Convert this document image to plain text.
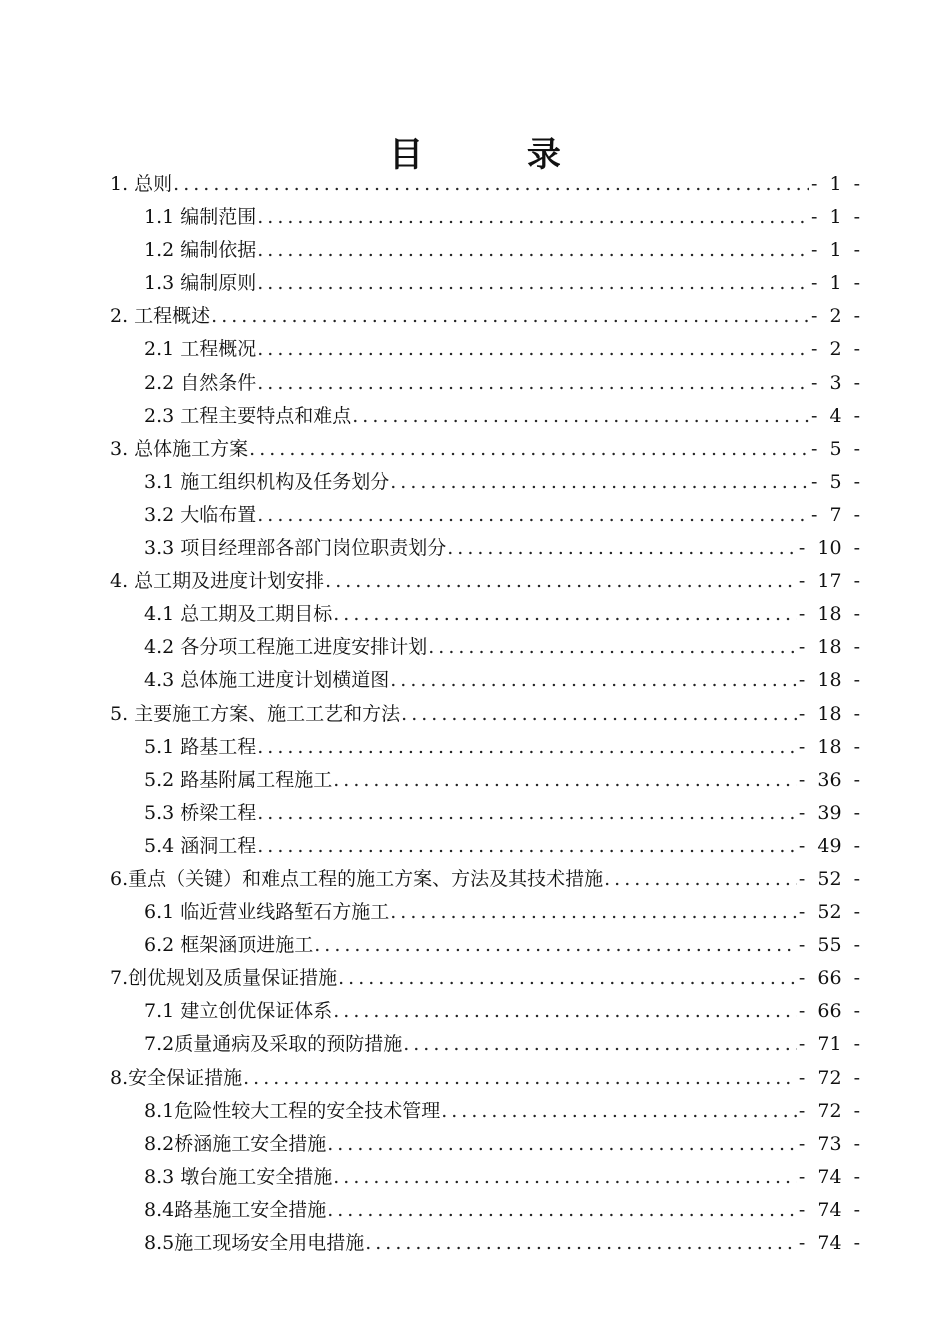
目 录
1. 总则 .....	- 1 -
1.1 编制范围 .....	- 1 -
1.2 编制依据 .....	- 1 -
1.3 编制原则 .....	- 1 -
2. 工程概述 .....	- 2 -
2.1 工程概况 .....	- 2 -
2.2 自然条件 .....	- 3 -
2.3 工程主要特点和难点 .....	- 4 -
3. 总体施工方案 .....	- 5 -
3.1 施工组织机构及任务划分 .....	- 5 -
3.2 大临布置 .....	- 7 -
3.3 项目经理部各部门岗位职责划分 .....	- 10 -
4. 总工期及进度计划安排 .....	- 17 -
4.1 总工期及工期目标 .....	- 18 -
4.2 各分项工程施工进度安排计划 .....	- 18 -
4.3 总体施工进度计划横道图 .....	- 18 -
5. 主要施工方案、施工工艺和方法 .....	- 18 -
5.1 路基工程 .....	- 18 -
5.2 路基附属工程施工 .....	- 36 -
5.3 桥梁工程 .....	- 39 -
5.4 涵洞工程 .....	- 49 -
6.重点（关键）和难点工程的施工方案、方法及其技术措施 .....	- 52 -
6.1 临近营业线路堑石方施工 .....	- 52 -
6.2 框架涵顶进施工 .....	- 55 -
7.创优规划及质量保证措施 .....	- 66 -
7.1 建立创优保证体系 .....	- 66 -
7.2质量通病及采取的预防措施 .....	- 71 -
8.安全保证措施 .....	- 72 -
8.1危险性较大工程的安全技术管理 .....	- 72 -
8.2桥涵施工安全措施 .....	- 73 -
8.3 墩台施工安全措施 .....	- 74 -
8.4路基施工安全措施 .....	- 74 -
8.5施工现场安全用电措施 .....	- 74 -
